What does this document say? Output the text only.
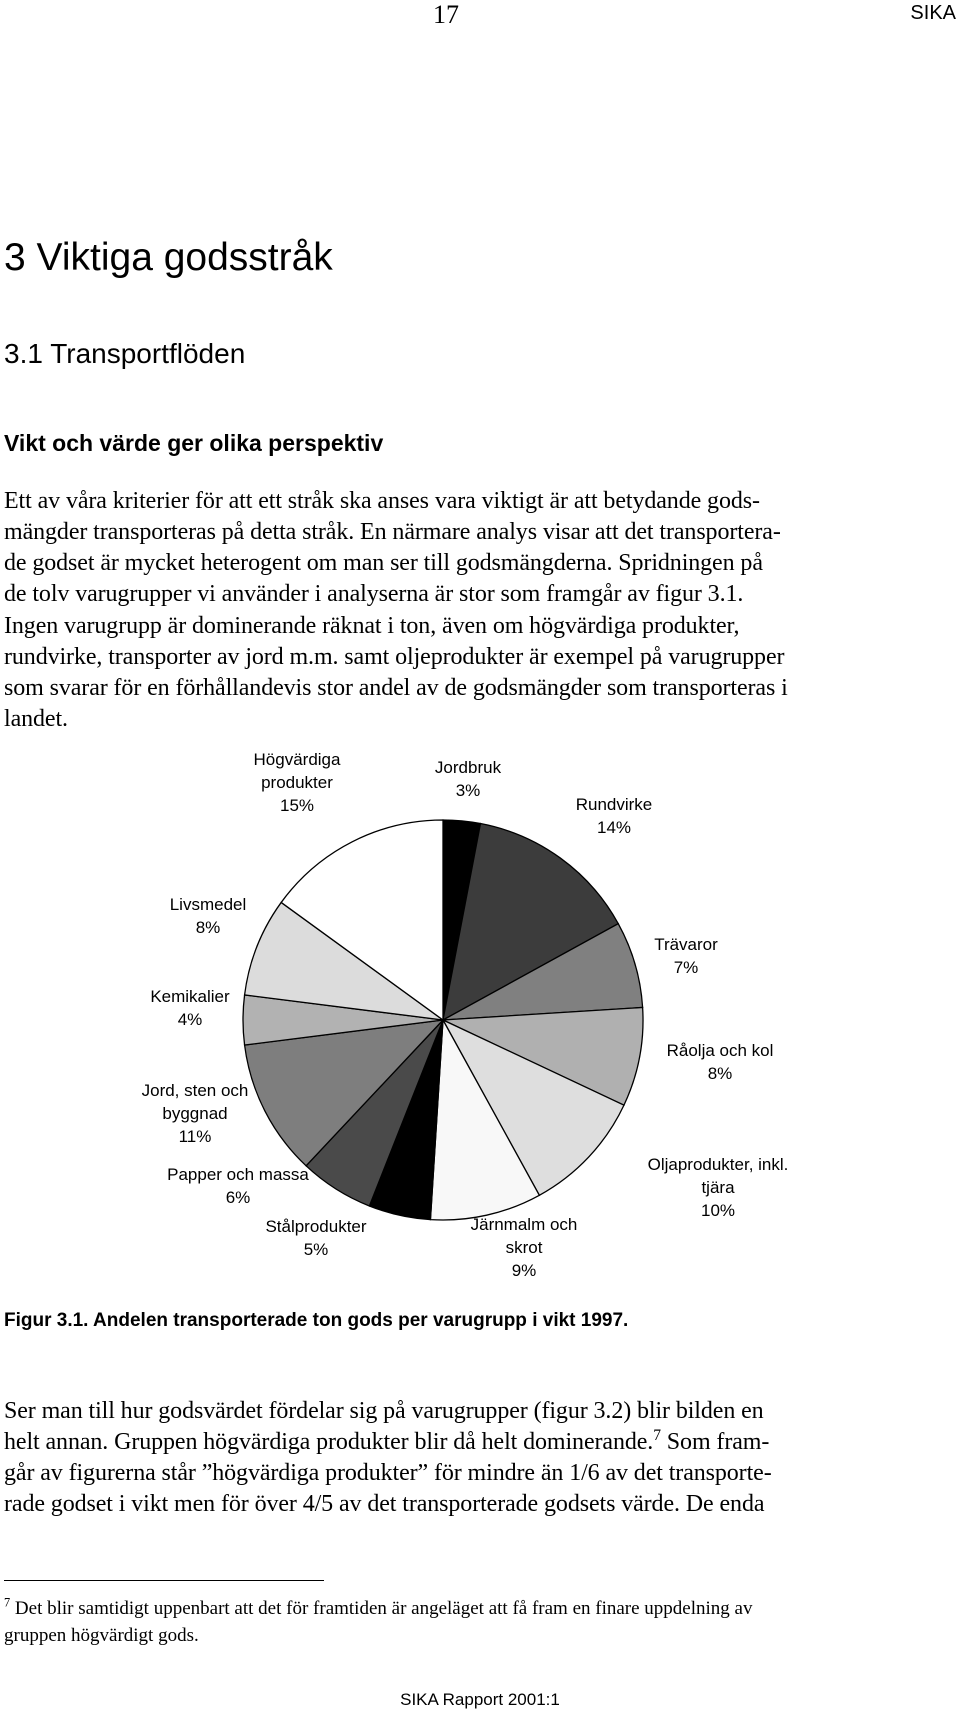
17	SIKA
3 Viktiga godsstråk
3.1 Transportflöden
Vikt och värde ger olika perspektiv
Ett av våra kriterier för att ett stråk ska anses vara viktigt är att betydande gods-
mängder transporteras på detta stråk. En närmare analys visar att det transportera-
de godset är mycket heterogent om man ser till godsmängderna. Spridningen på
de tolv varugrupper vi använder i analyserna är stor som framgår av figur 3.1.
Ingen varugrupp är dominerande räknat i ton, även om högvärdiga produkter,
rundvirke, transporter av jord m.m. samt oljeprodukter är exempel på varugrupper
som svarar för en förhållandevis stor andel av de godsmängder som transporteras i
landet.
Jordbruk 3%
Rundvirke 14%
Trävaror 7%
Råolja och kol 8%
Oljaprodukter, inkl. tjära 10%
Järnmalm och skrot 9%
Stålprodukter 5%
Papper och massa 6%
Jord, sten och byggnad 11%
Kemikalier 4%
Livsmedel 8%
Högvärdiga produkter 15%
Figur 3.1. Andelen transporterade ton gods per varugrupp i vikt 1997.
Ser man till hur godsvärdet fördelar sig på varugrupper (figur 3.2) blir bilden en
helt annan. Gruppen högvärdiga produkter blir då helt dominerande.$^7$ Som fram-
går av figurerna står ”högvärdiga produkter” för mindre än 1/6 av det transporte-
rade godset i vikt men för över 4/5 av det transporterade godsets värde. De enda
$^7$ Det blir samtidigt uppenbart att det för framtiden är angeläget att få fram en finare uppdelning av
gruppen högvärdigt gods.
SIKA Rapport 2001:1
